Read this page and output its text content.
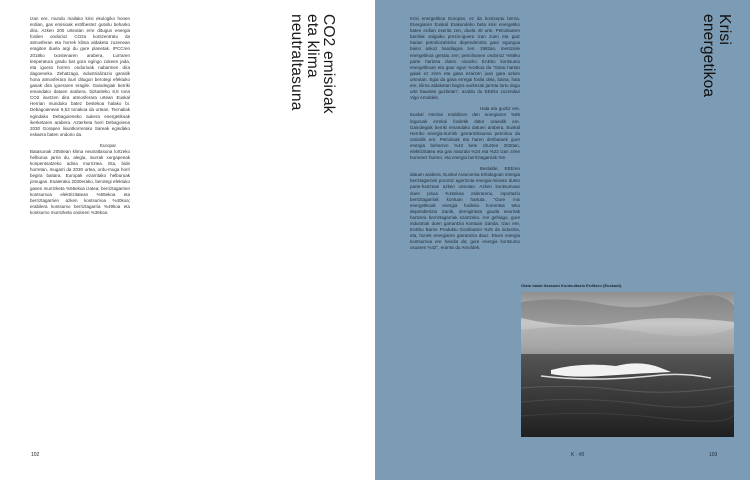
Izan ere, mundu mailako krisi ekologiko honen erdian, gas emisioak estrlbestez gutxitu beharko dira. Azken 200 urteotan erre ditugun energia fosilen ondorioz CO2a kontzentratu da atmosferan eta horrek klima aldaketa zuzenean eragiten duela argi du gure planetak. IPCCren 2018ko txostenaren arabera, Lurraren tenperatura gradu bat gora egingo zukeen jada, eta igoera horren ondorioak nabarmen dira dagoeneko. Zehatzago, industrializazio garaitik hona atmosferara isuri ditugun berotegi efektuko gasak dira igoeraren eragile. Gaindegiak berriki emandako datuen arabera, biztanleko 8,8 tona CO2 isurtzen dira atmosferara urtean Euskal Herrian munduko batez bestekoa halako bi. Debagoienean 8,53 tonakoa da urtean. Tecnaliak egindako Debagoieneko aukera energetikoak ikerketaren arabera. Azterketa horri Debagoiena 2030 Gorapen lisuntkorrerako Sareak egindako eskaera baten ondorio da.

Europar Batasunak 2050ean klima neutraltasuna lortzeko helburua jarria du, alegia, isurrak xurgapenak konpentsatzeko adina murriztea. Eta, bide horretan, mugarri da 2030 urtea, ordu-muga horri begira baitara. Europak ezarritako helburuak jomugan. Esateraku 2030erako, berotegi efektuko gasen murrizketa %55ekoa izatea; berriztagarrien kontsumoa elektrizitatean %55ekoa eta berriztagarrien azken kontsumoa %40koa; erabilera kontsumo berriztagarria %49koa eta kontsumo murrizketa ondoren %36koa.

CO2 emisioak
eta klima
neutraltasuna
102

Krisi energetikoa Europan, ez da kontzeptu berria. Energiaren Euskal Erakundeko beta krisi energetiko baten erdian eserita zen, duela 40 urte. Petrolioaren barrilak salgaiko prezio-igoera izan zuen eta gaiz harian petroliozahinko dependentzia gaur egungoa baino askoz handiagoa zen. 1982an, Inentziole energetikoa gertatu zen; petrolioaren ondorioz %60ko parte hartzea duten oinazko EAEko kontsumo energetikoan eta gaur egun %44koa da "Garai hartan gaiak ez ziren eta gasa ezarzen juan gara azken urteotan. Egia da gasa erregai fosila dela, baina, hala ere, klima aldaketari begira aurkezak jarreta lortu dugu urte hauetan guztietan", azaldu du EEEko zuzendari Vigo Arnoldek.

Hala eta guztiz ere, Euskal Herrian erabiltzen den energiaren %85 inguruak errekai fosiletik dator oraindik ere. Gaindegiak berriki emandako datuen arabera, Euskal Herriko energia-iturririk garrantzitsuena petrolioa da oraindik ere. Petrolioak eta haren deribatuek gure energia beharren %43 bete zituzten 2020an, elektrizitatea eta gas naturala %24 eta %22 izan ziren hurrenez hurren, eta energia berriztagarriak %9.

Bestalde, EEEren datuen arabera, Euskal Autonomia Erkidegoan energia beriztagarriek porontz agertzuta energia-mixean duten parte-hartzean azken urteotan. Azken kontsumoan duen pisua %16ekoa zalerarenu, inportazio berriztagarriak kontuan hartuta. "Gure mix energetikoak energia fosileko horrentas teko dependentzia izanik, demigintuta gauda neurriak hartzera berriztagarriak ezartzeko. Are gehiago, gure industriak duen garrantzia kontuan izanda. Izan ere, EAEko Barne Produktu Gordinaren %25 da industria, eta, honek energiaren garrantzia dauz. Etxen energia kontsumoa ere handia da; gure energia kontsumo osoaren %42", erantsi du Arnoldek.

Krisi
energetikoa
Olatu baiak Itsasoan Kontsultazio Erditzen (Euskadi).
K · #0	103
